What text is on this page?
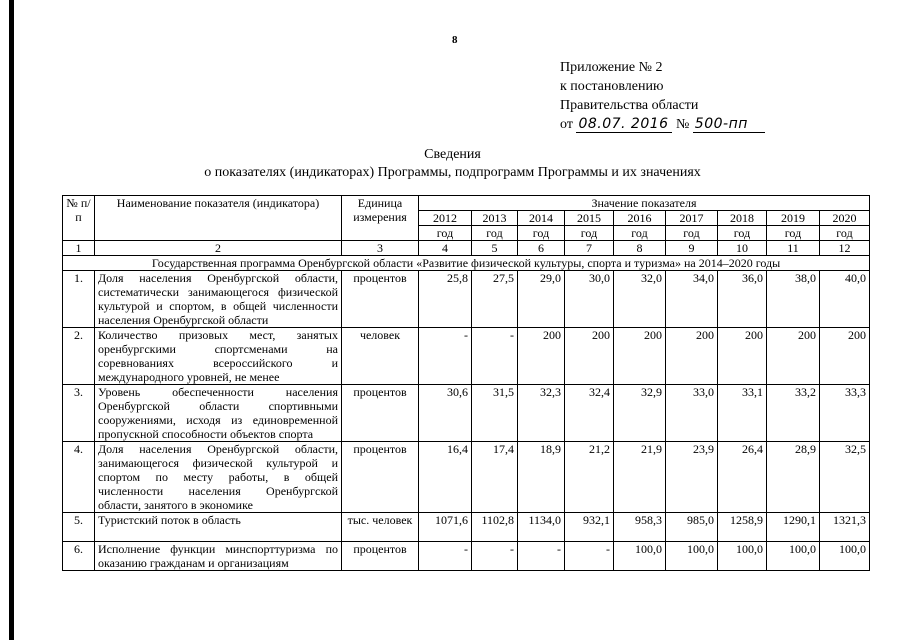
8
Приложение № 2
к постановлению
Правительства области
от 08.07. 2016 № 500-пп
Сведения
о показателях (индикаторах) Программы, подпрограмм Программы и их значениях
№ п/п	Наименование показателя (индикатора)	Единица измерения	Значение показателя								
			2012	2013	2014	2015	2016	2017	2018	2019	2020
			год	год	год	год	год	год	год	год	год
1	2	3	4	5	6	7	8	9	10	11	12
Государственная программа Оренбургской области «Развитие физической культуры, спорта и туризма» на 2014–2020 годы											
1.	Доля населения Оренбургской области, систематически занимающегося физической культурой и спортом, в общей численности населения Оренбургской области	процентов	25,8	27,5	29,0	30,0	32,0	34,0	36,0	38,0	40,0
2.	Количество призовых мест, занятых оренбургскими спортсменами на соревнованиях всероссийского и международного уровней, не менее	человек	-	-	200	200	200	200	200	200	200
3.	Уровень обеспеченности населения Оренбургской области спортивными сооружениями, исходя из единовременной пропускной способности объектов спорта	процентов	30,6	31,5	32,3	32,4	32,9	33,0	33,1	33,2	33,3
4.	Доля населения Оренбургской области, занимающегося физической культурой и спортом по месту работы, в общей численности населения Оренбургской области, занятого в экономике	процентов	16,4	17,4	18,9	21,2	21,9	23,9	26,4	28,9	32,5
5.	Туристский поток в область	тыс. человек	1071,6	1102,8	1134,0	932,1	958,3	985,0	1258,9	1290,1	1321,3
6.	Исполнение функции минспорттуризма по оказанию гражданам и организациям	процентов	-	-	-	-	100,0	100,0	100,0	100,0	100,0
